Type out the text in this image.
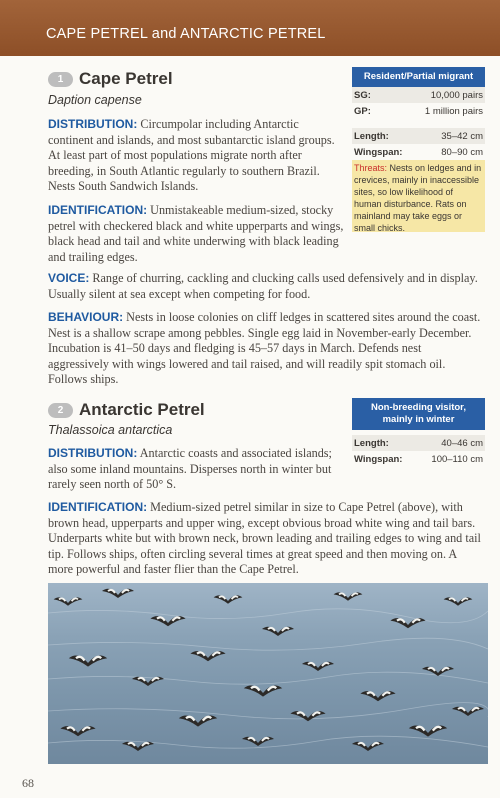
CAPE PETREL and ANTARCTIC PETREL
1 Cape Petrel
Daption capense
DISTRIBUTION: Circumpolar including Antarctic continent and islands, and most subantarctic island groups. At least part of most populations migrate north after breeding, in South Atlantic regularly to southern Brazil. Nests South Sandwich Islands.
IDENTIFICATION: Unmistakeable medium-sized, stocky petrel with checkered black and white upperparts and wings, black head and tail and white underwing with black leading and trailing edges.
VOICE: Range of churring, cackling and clucking calls used defensively and in display. Usually silent at sea except when competing for food.
BEHAVIOUR: Nests in loose colonies on cliff ledges in scattered sites around the coast. Nest is a shallow scrape among pebbles. Single egg laid in November-early December. Incubation is 41–50 days and fledging is 45–57 days in March. Defends nest aggressively with wings lowered and tail raised, and will readily spit stomach oil. Follows ships.
Resident/Partial migrant
SG:	10,000 pairs
GP:	1 million pairs
Length:	35–42 cm
Wingspan:	80–90 cm
Threats: Nests on ledges and in crevices, mainly in inaccessible sites, so low likelihood of human disturbance. Rats on mainland may take eggs or small chicks.
2 Antarctic Petrel
Thalassoica antarctica
DISTRIBUTION: Antarctic coasts and associated islands; also some inland mountains. Disperses north in winter but rarely seen north of 50° S.
IDENTIFICATION: Medium-sized petrel similar in size to Cape Petrel (above), with brown head, upperparts and upper wing, except obvious broad white wing and tail bars. Underparts white but with brown neck, brown leading and trailing edges to wing and tail tip. Follows ships, often circling several times at great speed and then moving on. A more powerful and faster flier than the Cape Petrel.
Non-breeding visitor,
mainly in winter
Length:	40–46 cm
Wingspan:	100–110 cm
68
